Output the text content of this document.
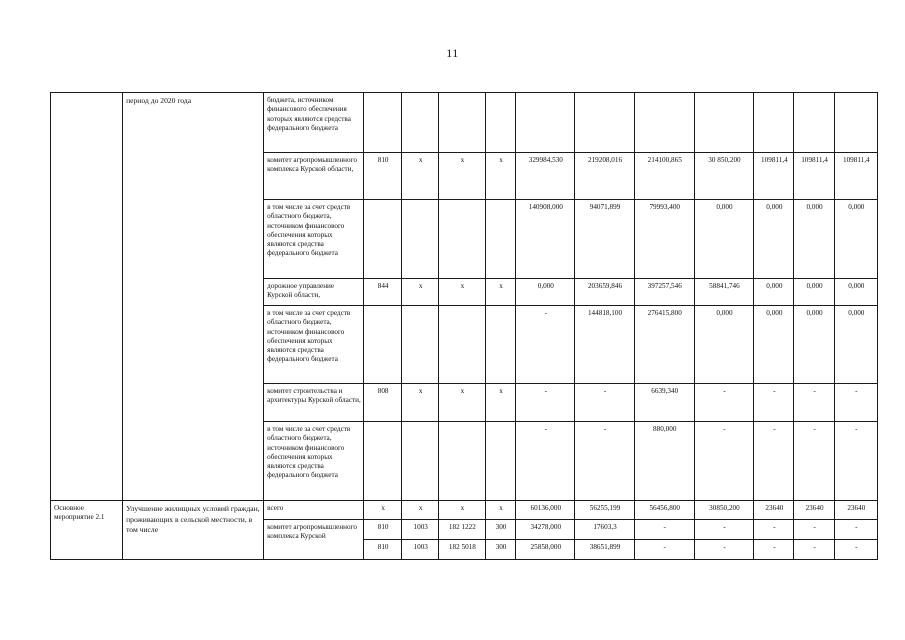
11
	период до 2020 года	бюджета, источником финансового обеспечения которых являются средства федерального бюджета											
		комитет агропромышленного комплекса Курской области,	810	x	x	x	329984,530	219208,016	214100,865	30 850,200	109811,4	109811,4	109811,4
		в том числе за счет средств областного бюджета, источником финансового обеспечения которых являются средства федерального бюджета					140908,000	94071,899	79993,400	0,000	0,000	0,000	0,000
		дорожное управление Курской области,	844	x	x	x	0,000	203659,846	397257,546	58841,746	0,000	0,000	0,000
		в том числе за счет средств областного бюджета, источником финансового обеспечения которых являются средства федерального бюджета					-	144818,100	276415,800	0,000	0,000	0,000	0,000
		комитет строительства и архитектуры Курской области,	808	x	x	x	-	-	6639,340	-	-	-	-
		в том числе за счет средств областного бюджета, источником финансового обеспечения которых являются средства федерального бюджета					-	-	880,000	-	-	-	-
Основное мероприятие 2.1	Улучшение жилищных условий граждан, проживающих в сельской местности, в том числе	всего	x	x	x	x	60136,000	56255,199	56456,800	30850,200	23640	23640	23640
		комитет агропромышленного комплекса Курской	810	1003	182 1222	300	34278,000	17603,3	-	-	-	-	-
			810	1003	182 5018	300	25858,000	38651,899	-	-	-	-	-
